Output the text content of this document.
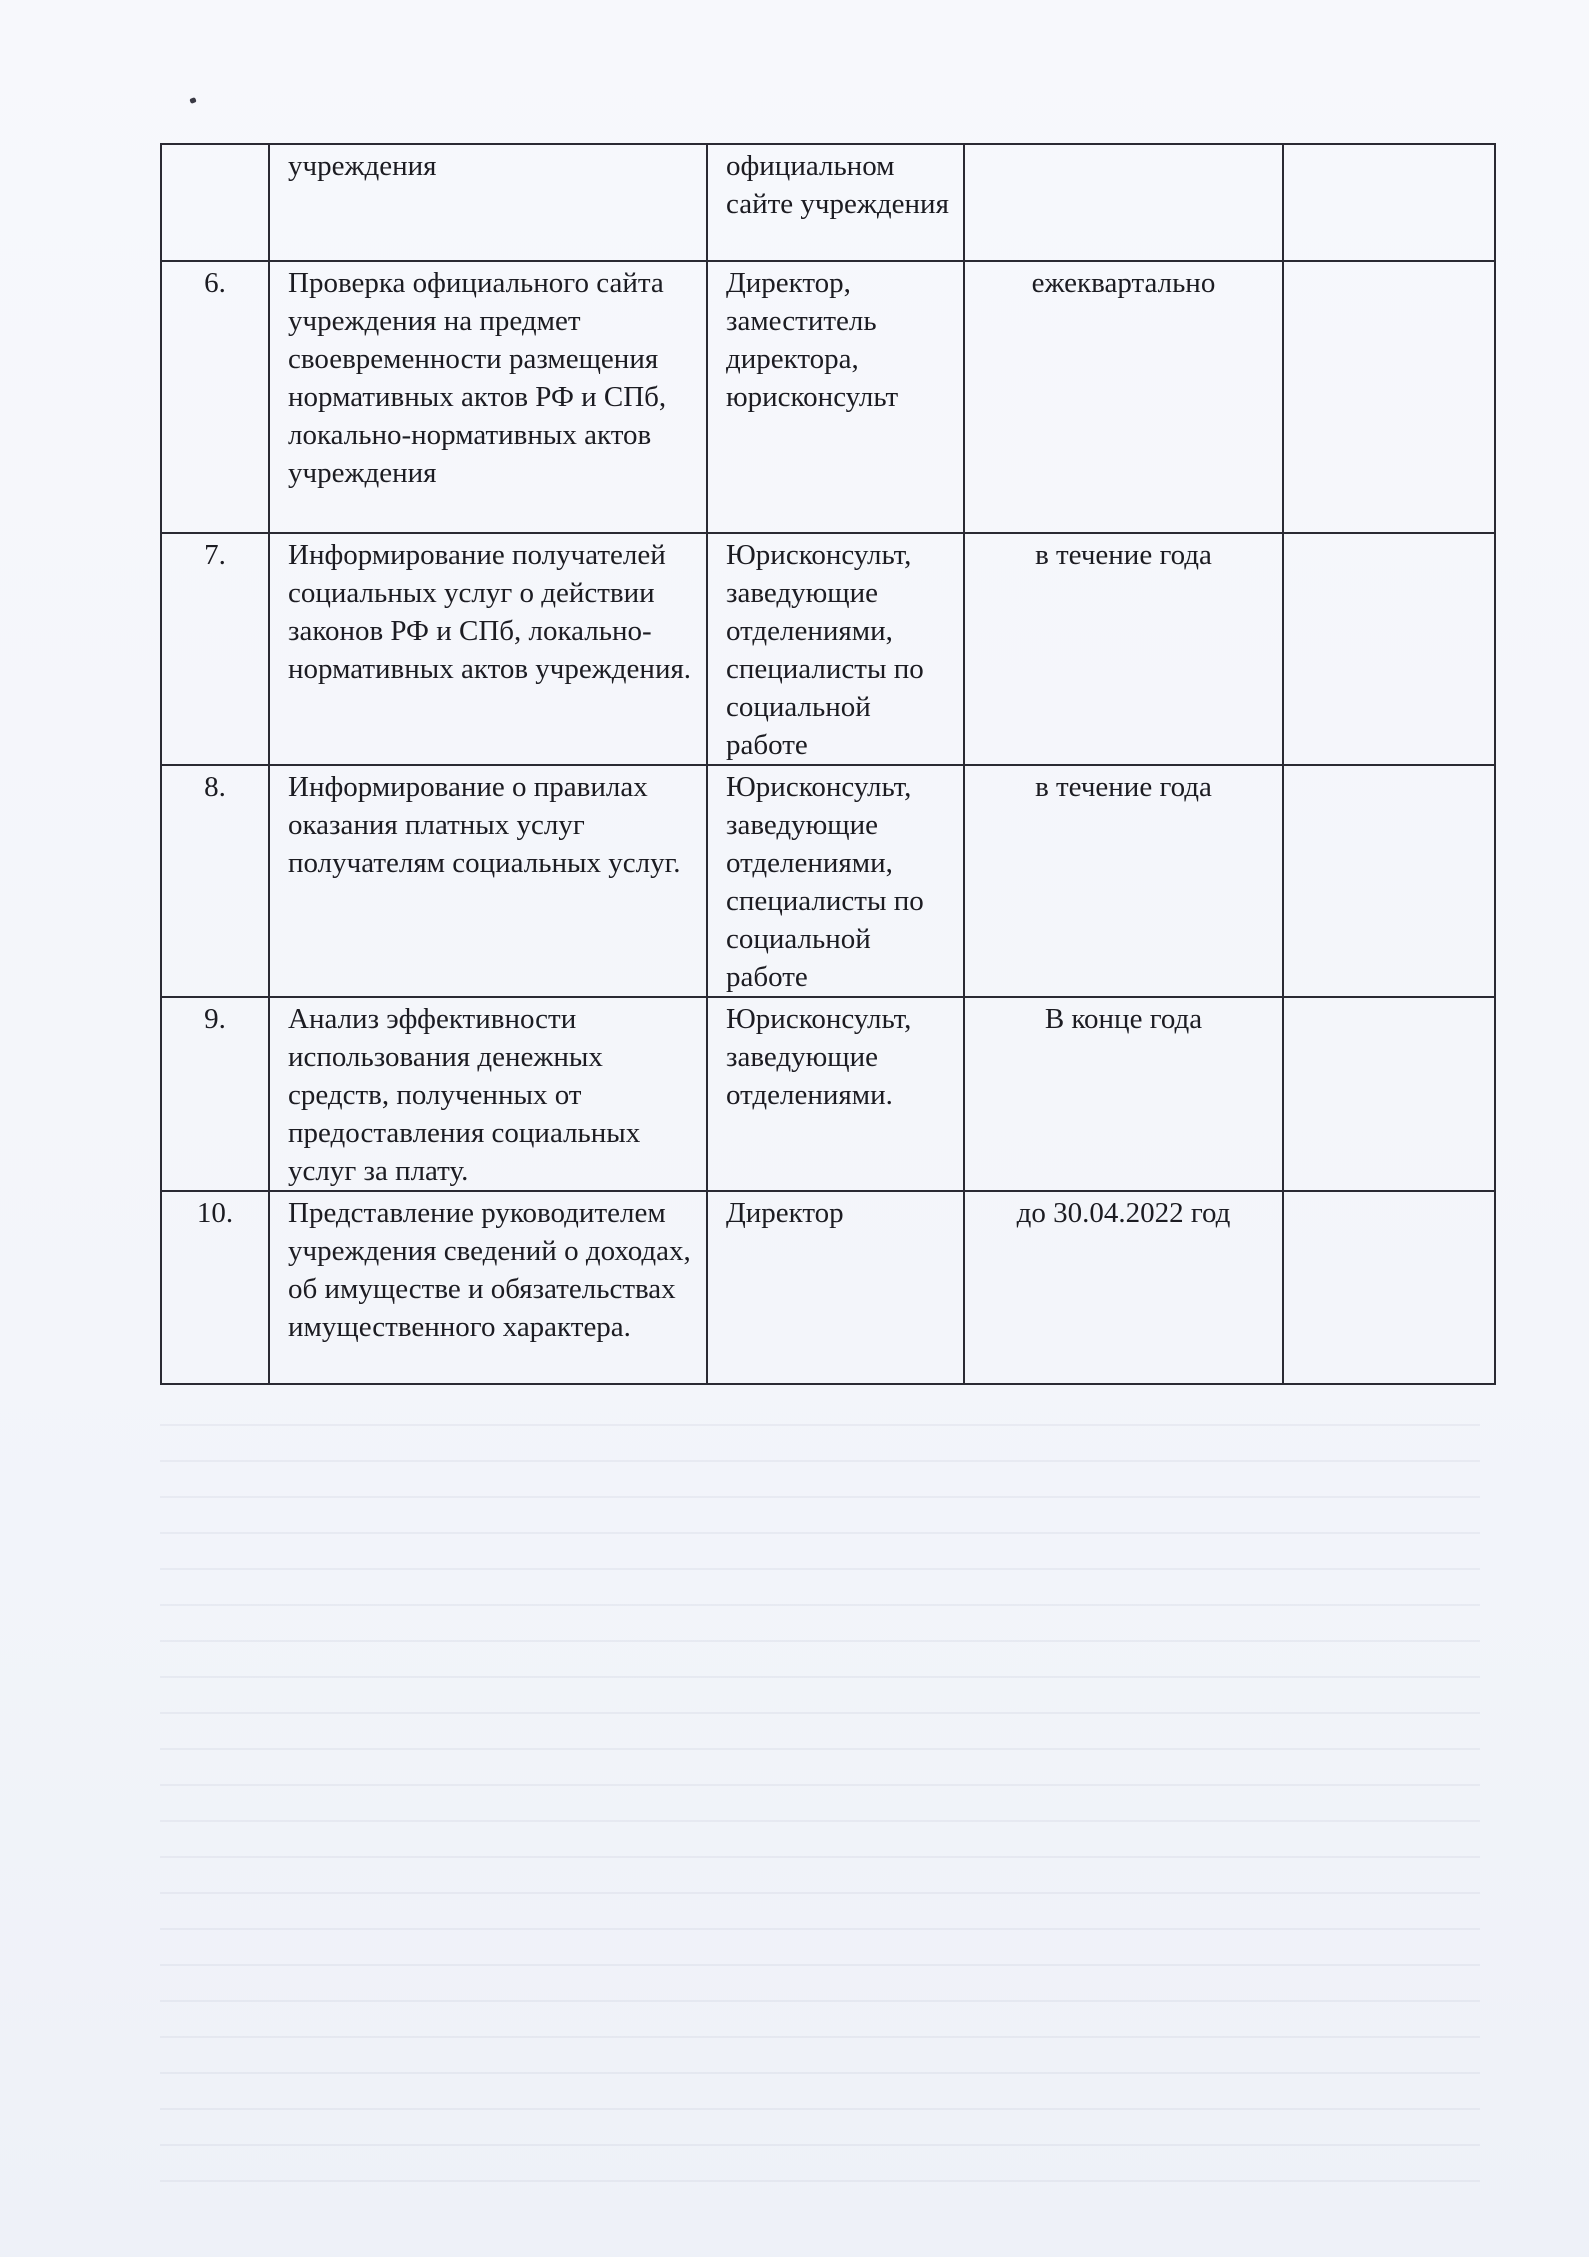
	учреждения	официальном сайте учреждения		
6.	Проверка официального сайта учреждения на предмет своевременности размещения нормативных актов РФ и СПб, локально-нормативных актов учреждения	Директор, заместитель директора, юрисконсульт	ежеквартально	
7.	Информирование получателей социальных услуг о действии законов РФ и СПб, локально-нормативных актов учреждения.	Юрисконсульт, заведующие отделениями, специалисты по социальной работе	в течение года	
8.	Информирование о правилах оказания платных услуг получателям социальных услуг.	Юрисконсульт, заведующие отделениями, специалисты по социальной работе	в течение года	
9.	Анализ эффективности использования денежных средств, полученных от предоставления социальных услуг за плату.	Юрисконсульт, заведующие отделениями.	В конце года	
10.	Представление руководителем учреждения сведений о доходах, об имуществе и обязательствах имущественного характера.	Директор	до 30.04.2022 год	
